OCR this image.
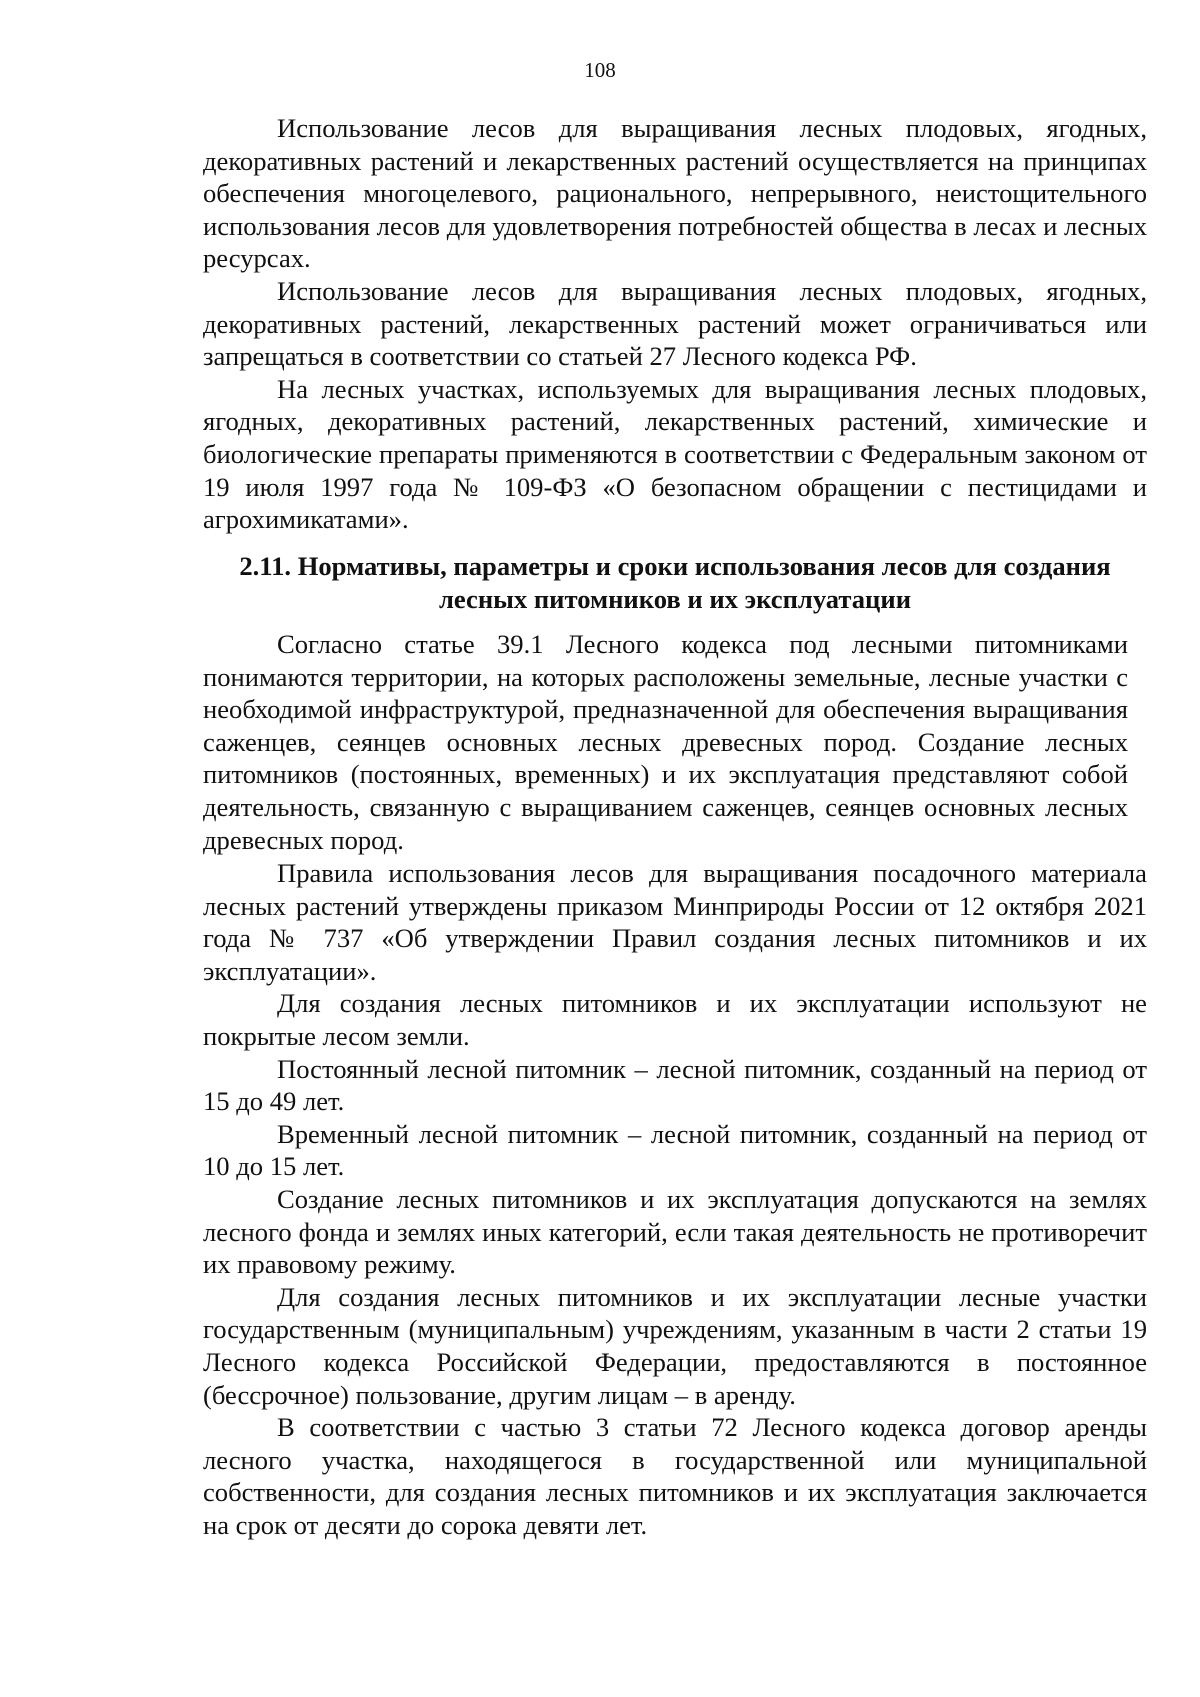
108

Использование лесов для выращивания лесных плодовых, ягодных, декоративных растений и лекарственных растений осуществляется на принципах обеспечения многоцелевого, рационального, непрерывного, неистощительного использования лесов для удовлетворения потребностей общества в лесах и лесных ресурсах.

Использование лесов для выращивания лесных плодовых, ягодных, декоративных растений, лекарственных растений может ограничиваться или запрещаться в соответствии со статьей 27 Лесного кодекса РФ.

На лесных участках, используемых для выращивания лесных плодовых, ягодных, декоративных растений, лекарственных растений, химические и биологические препараты применяются в соответствии с Федеральным законом от 19 июля 1997 года № 109-ФЗ «О безопасном обращении с пестицидами и агрохимикатами».

2.11. Нормативы, параметры и сроки использования лесов для создания лесных питомников и их эксплуатации

Согласно статье 39.1 Лесного кодекса под лесными питомниками понимаются территории, на которых расположены земельные, лесные участки с необходимой инфраструктурой, предназначенной для обеспечения выращивания саженцев, сеянцев основных лесных древесных пород. Создание лесных питомников (постоянных, временных) и их эксплуатация представляют собой деятельность, связанную с выращиванием саженцев, сеянцев основных лесных древесных пород.

Правила использования лесов для выращивания посадочного материала лесных растений утверждены приказом Минприроды России от 12 октября 2021 года № 737 «Об утверждении Правил создания лесных питомников и их эксплуатации».

Для создания лесных питомников и их эксплуатации используют не покрытые лесом земли.

Постоянный лесной питомник – лесной питомник, созданный на период от 15 до 49 лет.

Временный лесной питомник – лесной питомник, созданный на период от 10 до 15 лет.

Создание лесных питомников и их эксплуатация допускаются на землях лесного фонда и землях иных категорий, если такая деятельность не противоречит их правовому режиму.

Для создания лесных питомников и их эксплуатации лесные участки государственным (муниципальным) учреждениям, указанным в части 2 статьи 19 Лесного кодекса Российской Федерации, предоставляются в постоянное (бессрочное) пользование, другим лицам – в аренду.

В соответствии с частью 3 статьи 72 Лесного кодекса договор аренды лесного участка, находящегося в государственной или муниципальной собственности, для создания лесных питомников и их эксплуатация заключается на срок от десяти до сорока девяти лет.
